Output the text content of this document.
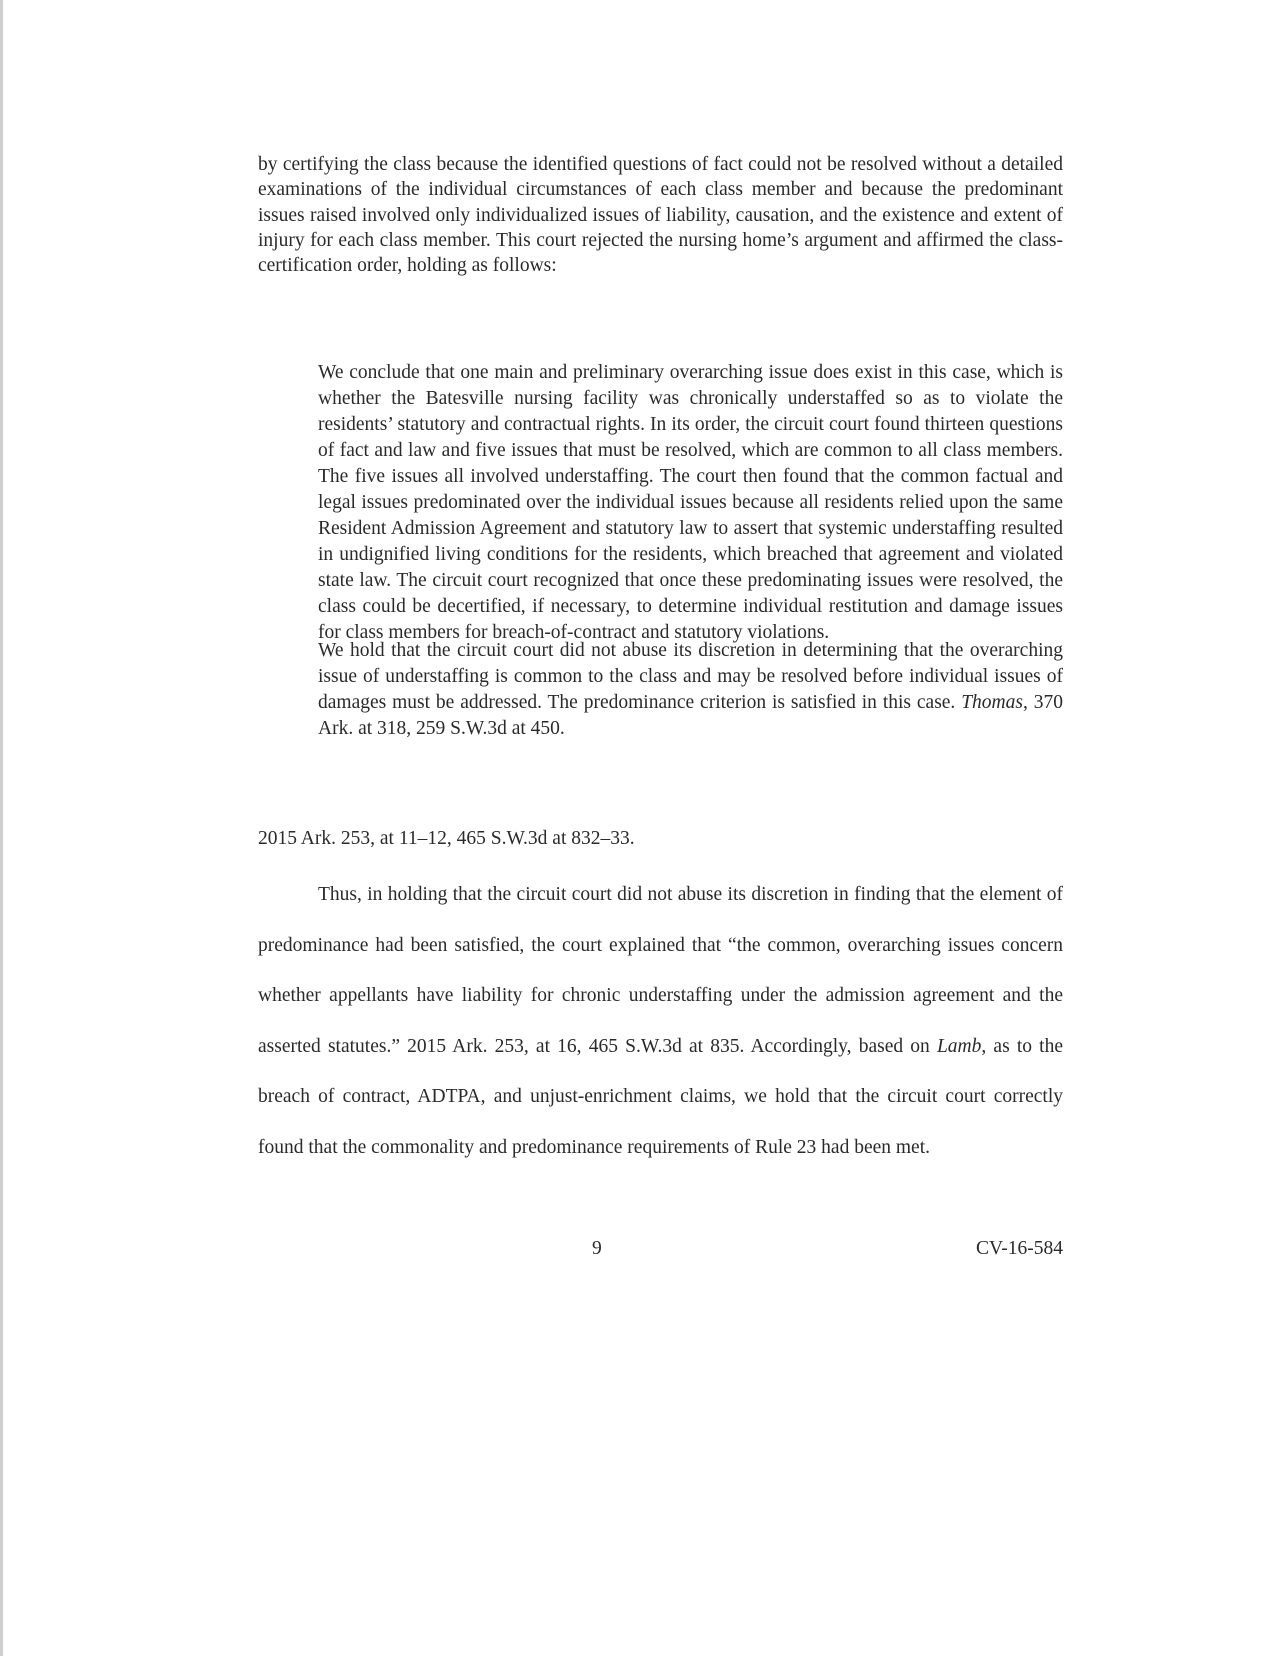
by certifying the class because the identified questions of fact could not be resolved without a detailed examinations of the individual circumstances of each class member and because the predominant issues raised involved only individualized issues of liability, causation, and the existence and extent of injury for each class member. This court rejected the nursing home’s argument and affirmed the class-certification order, holding as follows:

We conclude that one main and preliminary overarching issue does exist in this case, which is whether the Batesville nursing facility was chronically understaffed so as to violate the residents’ statutory and contractual rights. In its order, the circuit court found thirteen questions of fact and law and five issues that must be resolved, which are common to all class members. The five issues all involved understaffing. The court then found that the common factual and legal issues predominated over the individual issues because all residents relied upon the same Resident Admission Agreement and statutory law to assert that systemic understaffing resulted in undignified living conditions for the residents, which breached that agreement and violated state law. The circuit court recognized that once these predominating issues were resolved, the class could be decertified, if necessary, to determine individual restitution and damage issues for class members for breach-of-contract and statutory violations.

We hold that the circuit court did not abuse its discretion in determining that the overarching issue of understaffing is common to the class and may be resolved before individual issues of damages must be addressed. The predominance criterion is satisfied in this case. Thomas, 370 Ark. at 318, 259 S.W.3d at 450.

2015 Ark. 253, at 11–12, 465 S.W.3d at 832–33.

Thus, in holding that the circuit court did not abuse its discretion in finding that the element of predominance had been satisfied, the court explained that “the common, overarching issues concern whether appellants have liability for chronic understaffing under the admission agreement and the asserted statutes.” 2015 Ark. 253, at 16, 465 S.W.3d at 835. Accordingly, based on Lamb, as to the breach of contract, ADTPA, and unjust-enrichment claims, we hold that the circuit court correctly found that the commonality and predominance requirements of Rule 23 had been met.

9	CV-16-584
